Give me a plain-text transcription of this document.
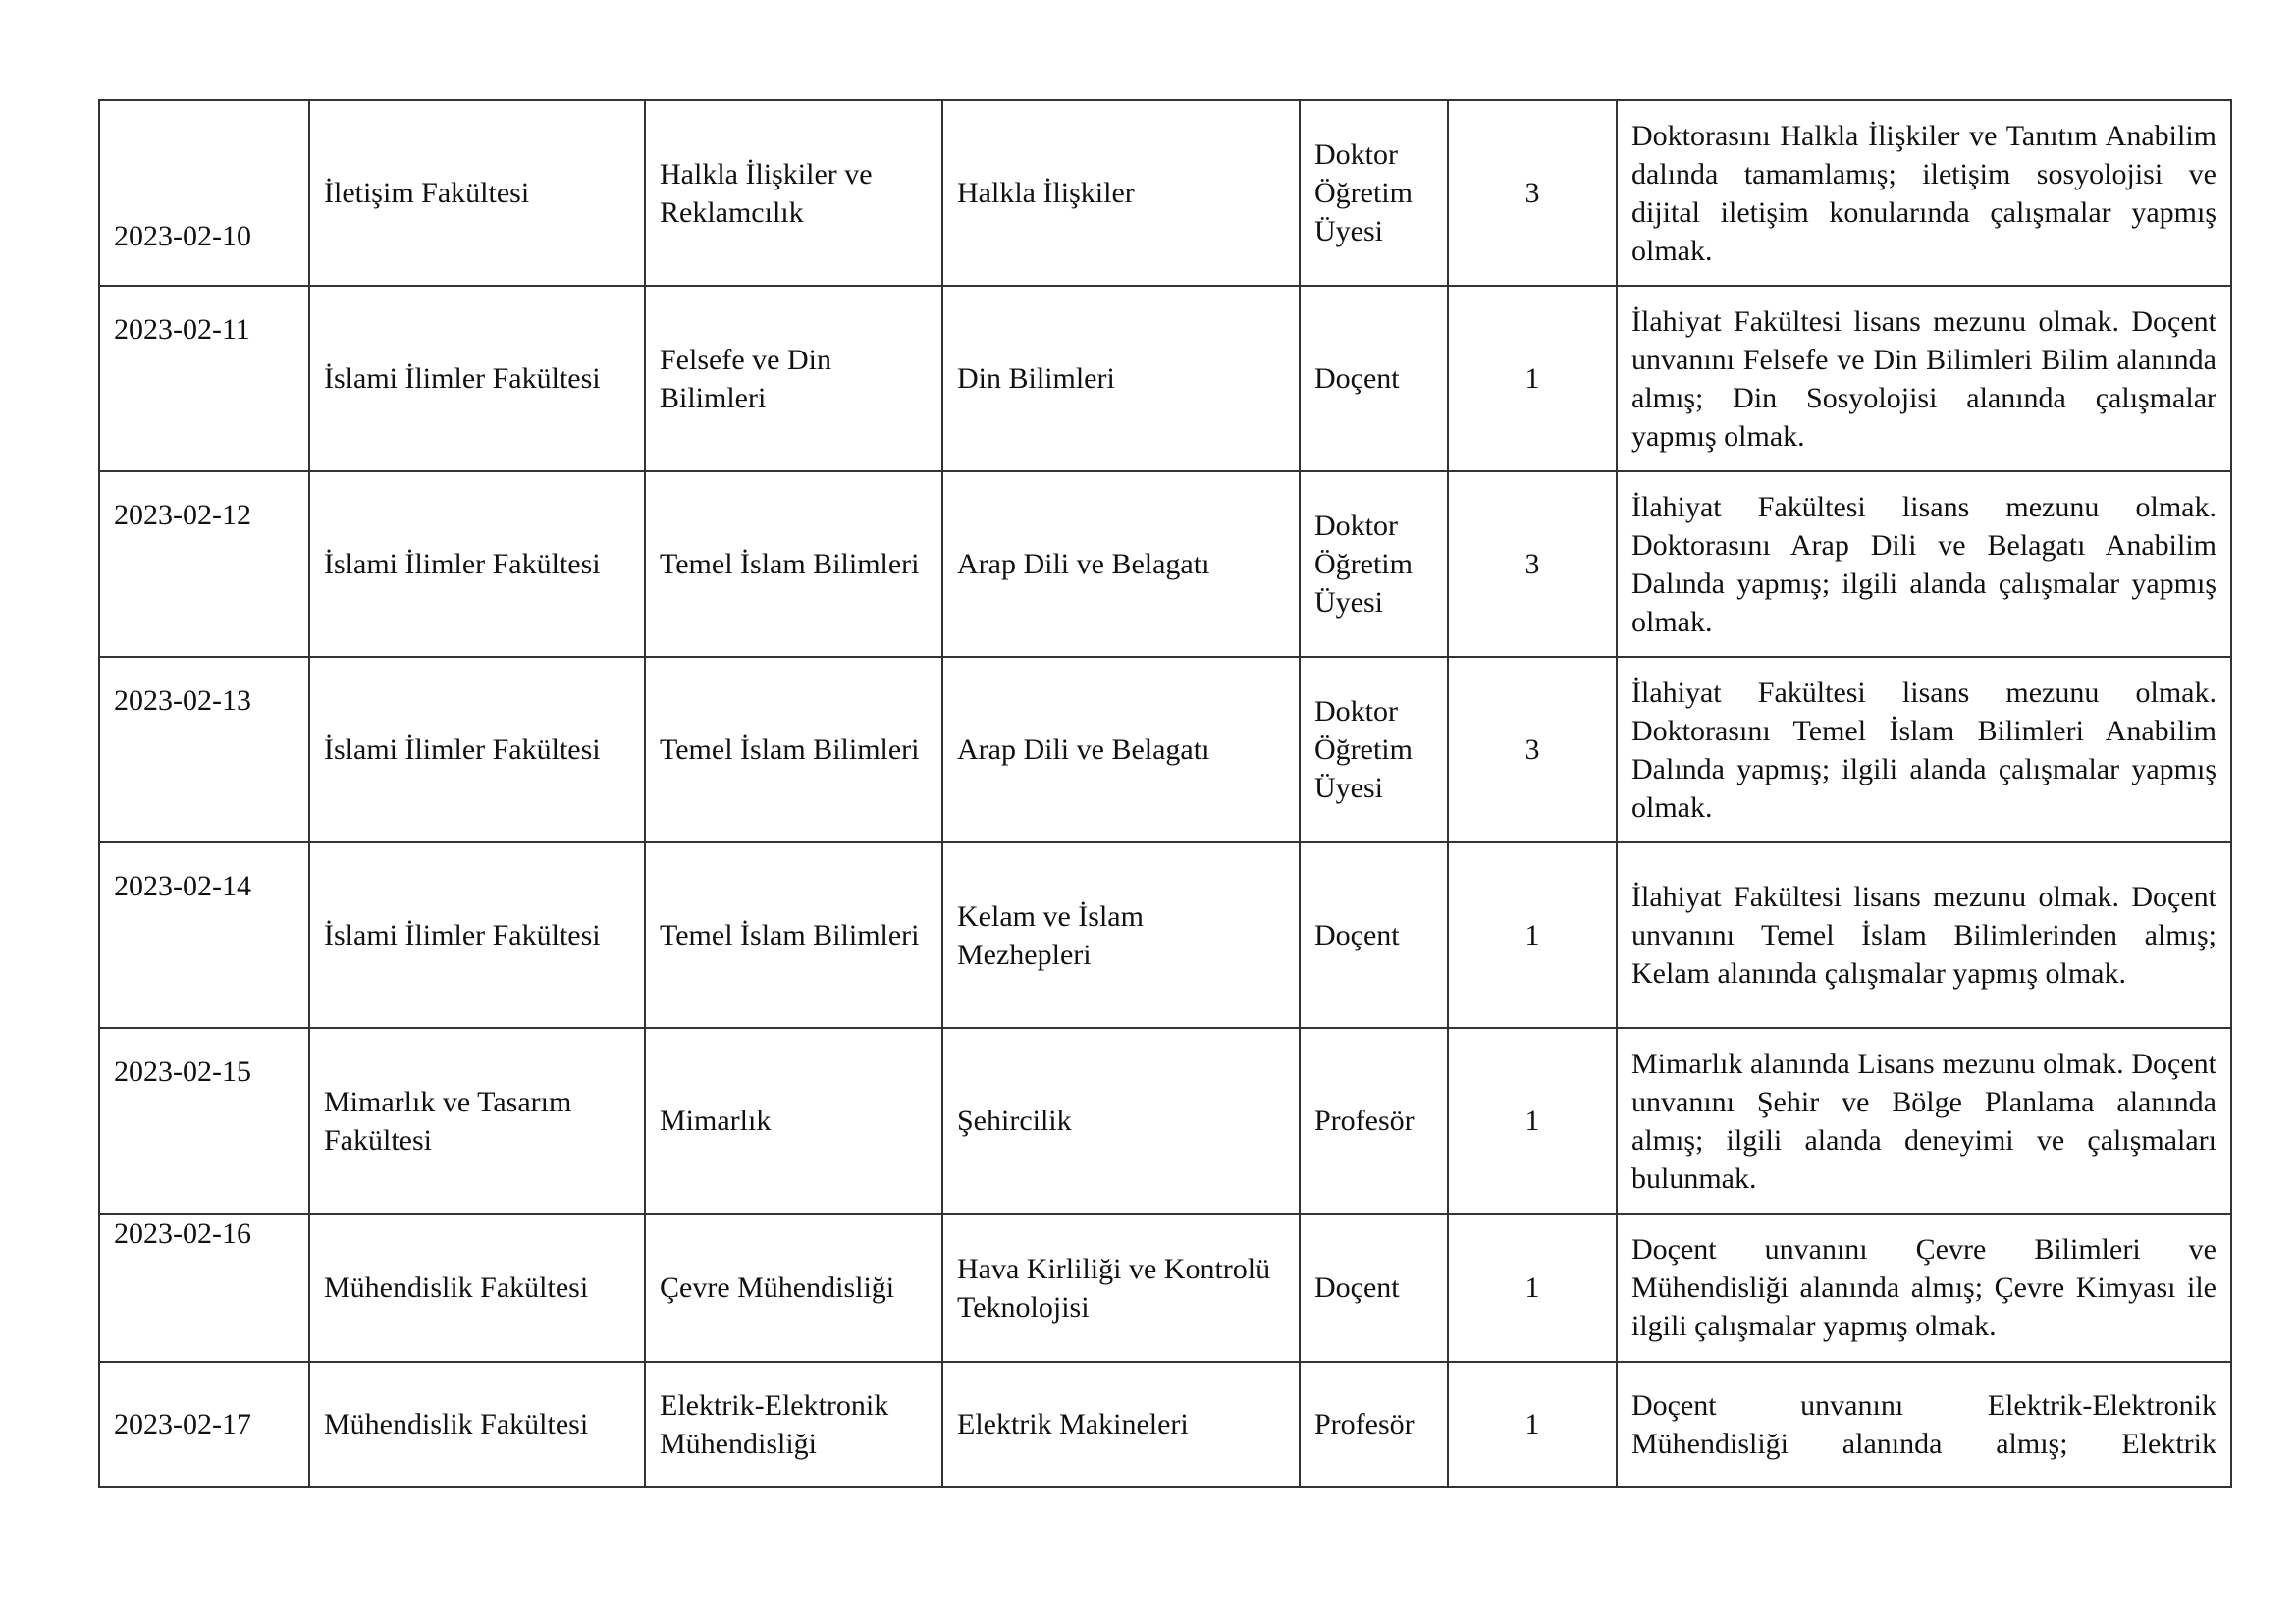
2023-02-10	İletişim Fakültesi	Halkla İlişkiler ve Reklamcılık	Halkla İlişkiler	Doktor Öğretim Üyesi	3	Doktorasını Halkla İlişkiler ve Tanıtım Anabilim dalında tamamlamış; iletişim sosyolojisi ve dijital iletişim konularında çalışmalar yapmış olmak.
2023-02-11	İslami İlimler Fakültesi	Felsefe ve Din Bilimleri	Din Bilimleri	Doçent	1	İlahiyat Fakültesi lisans mezunu olmak. Doçent unvanını Felsefe ve Din Bilimleri Bilim alanında almış; Din Sosyolojisi alanında çalışmalar yapmış olmak.
2023-02-12	İslami İlimler Fakültesi	Temel İslam Bilimleri	Arap Dili ve Belagatı	Doktor Öğretim Üyesi	3	İlahiyat Fakültesi lisans mezunu olmak. Doktorasını Arap Dili ve Belagatı Anabilim Dalında yapmış; ilgili alanda çalışmalar yapmış olmak.
2023-02-13	İslami İlimler Fakültesi	Temel İslam Bilimleri	Arap Dili ve Belagatı	Doktor Öğretim Üyesi	3	İlahiyat Fakültesi lisans mezunu olmak. Doktorasını Temel İslam Bilimleri Anabilim Dalında yapmış; ilgili alanda çalışmalar yapmış olmak.
2023-02-14	İslami İlimler Fakültesi	Temel İslam Bilimleri	Kelam ve İslam Mezhepleri	Doçent	1	İlahiyat Fakültesi lisans mezunu olmak. Doçent unvanını Temel İslam Bilimlerinden almış; Kelam alanında çalışmalar yapmış olmak.
2023-02-15	Mimarlık ve Tasarım Fakültesi	Mimarlık	Şehircilik	Profesör	1	Mimarlık alanında Lisans mezunu olmak. Doçent unvanını Şehir ve Bölge Planlama alanında almış; ilgili alanda deneyimi ve çalışmaları bulunmak.
2023-02-16	Mühendislik Fakültesi	Çevre Mühendisliği	Hava Kirliliği ve Kontrolü Teknolojisi	Doçent	1	Doçent unvanını Çevre Bilimleri ve Mühendisliği alanında almış; Çevre Kimyası ile ilgili çalışmalar yapmış olmak.
2023-02-17	Mühendislik Fakültesi	Elektrik-Elektronik Mühendisliği	Elektrik Makineleri	Profesör	1	Doçent unvanını Elektrik-Elektronik Mühendisliği alanında almış; Elektrik
